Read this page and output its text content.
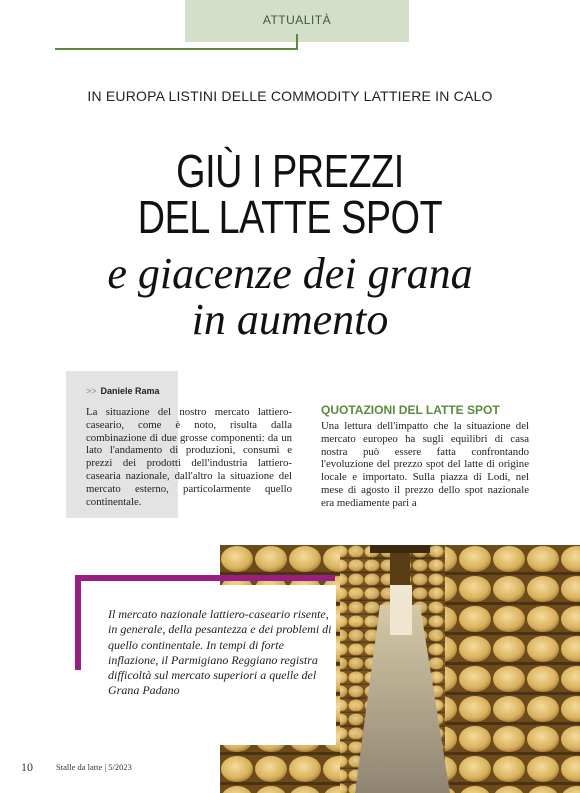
ATTUALITÀ
IN EUROPA LISTINI DELLE COMMODITY LATTIERE IN CALO
GIÙ I PREZZI
DEL LATTE SPOT
e giacenze dei grana
in aumento
>> Daniele Rama
La situazione del nostro mercato lattiero-caseario, come è noto, risulta dalla combinazione di due grosse componenti: da un lato l'andamento di produzioni, consumi e prezzi dei prodotti dell'industria lattiero-casearia nazionale, dall'altro la situazione del mercato esterno, particolarmente quello continentale.
QUOTAZIONI DEL LATTE SPOT
Una lettura dell'impatto che la situazione del mercato europeo ha sugli equilibri di casa nostra può essere fatta confrontando l'evoluzione del prezzo spot del latte di origine locale e importato. Sulla piazza di Lodi, nel mese di agosto il prezzo dello spot nazionale era mediamente pari a
Il mercato nazionale lattiero-caseario risente, in generale, della pesantezza e dei problemi di quello continentale. In tempi di forte inflazione, il Parmigiano Reggiano registra difficoltà sul mercato superiori a quelle del Grana Padano
10	Stalle da latte | 5/2023
